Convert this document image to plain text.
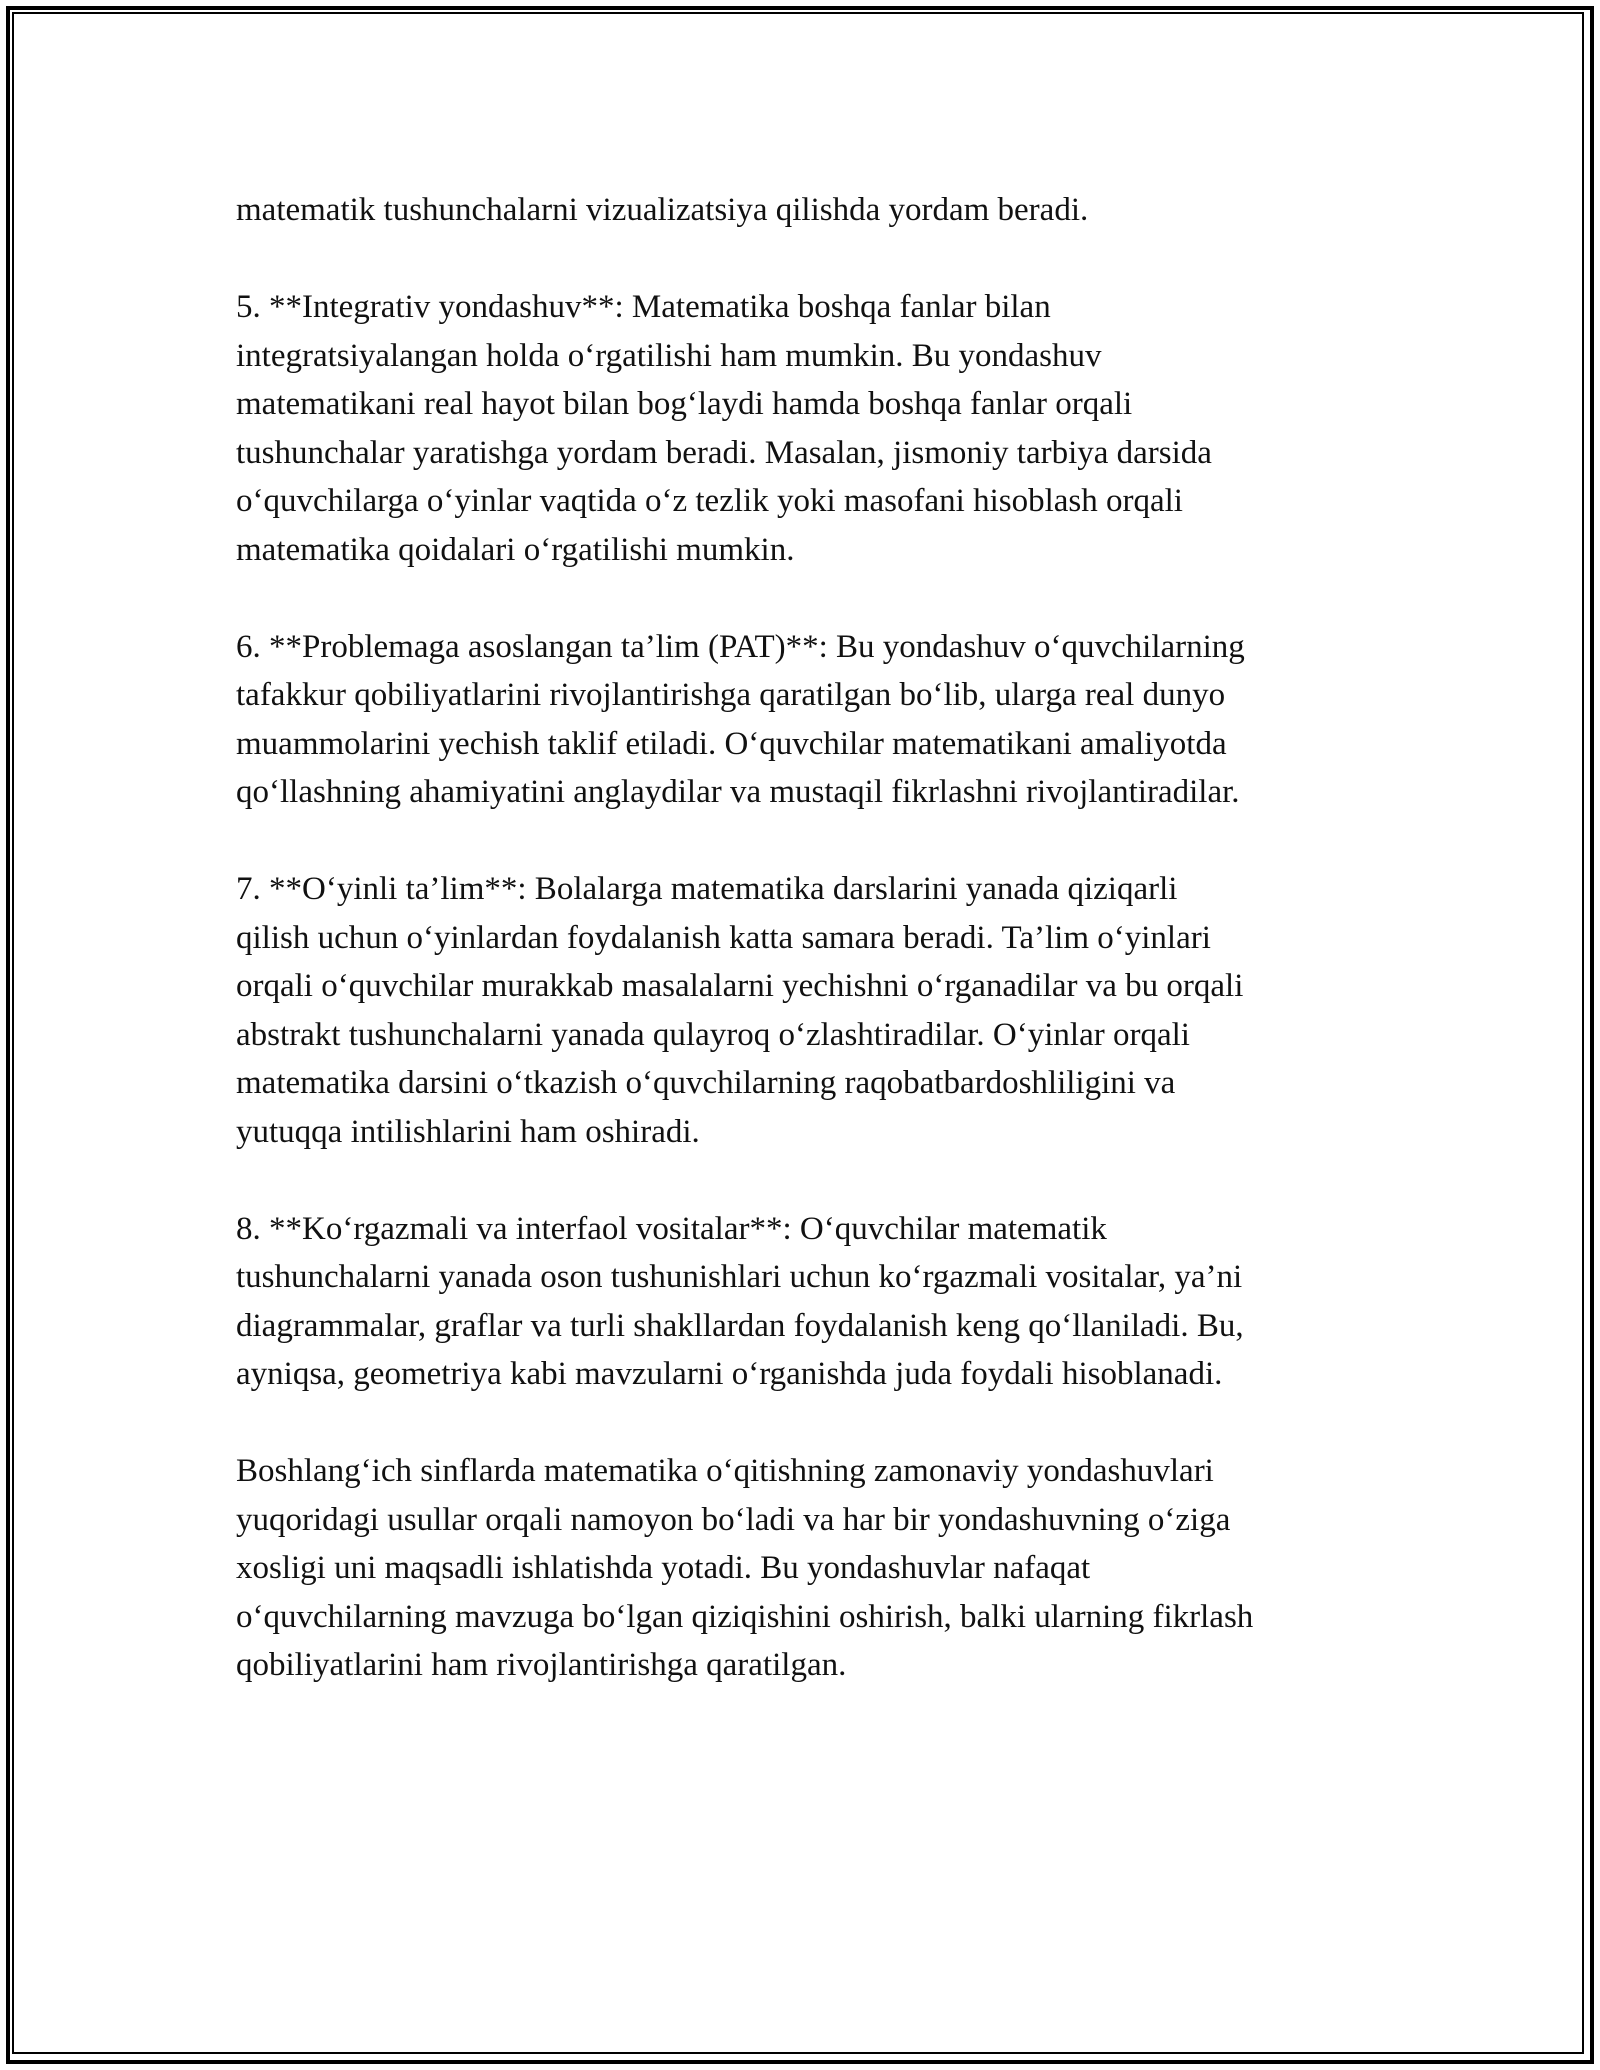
matematik tushunchalarni vizualizatsiya qilishda yordam beradi.

5. **Integrativ yondashuv**: Matematika boshqa fanlar bilan
integratsiyalangan holda oʻrgatilishi ham mumkin. Bu yondashuv
matematikani real hayot bilan bogʻlaydi hamda boshqa fanlar orqali
tushunchalar yaratishga yordam beradi. Masalan, jismoniy tarbiya darsida
oʻquvchilarga oʻyinlar vaqtida oʻz tezlik yoki masofani hisoblash orqali
matematika qoidalari oʻrgatilishi mumkin.

6. **Problemaga asoslangan ta’lim (PAT)**: Bu yondashuv oʻquvchilarning
tafakkur qobiliyatlarini rivojlantirishga qaratilgan boʻlib, ularga real dunyo
muammolarini yechish taklif etiladi. Oʻquvchilar matematikani amaliyotda
qoʻllashning ahamiyatini anglaydilar va mustaqil fikrlashni rivojlantiradilar.

7. **Oʻyinli ta’lim**: Bolalarga matematika darslarini yanada qiziqarli
qilish uchun oʻyinlardan foydalanish katta samara beradi. Ta’lim oʻyinlari
orqali oʻquvchilar murakkab masalalarni yechishni oʻrganadilar va bu orqali
abstrakt tushunchalarni yanada qulayroq oʻzlashtiradilar. Oʻyinlar orqali
matematika darsini oʻtkazish oʻquvchilarning raqobatbardoshliligini va
yutuqqa intilishlarini ham oshiradi.

8. **Koʻrgazmali va interfaol vositalar**: Oʻquvchilar matematik
tushunchalarni yanada oson tushunishlari uchun koʻrgazmali vositalar, ya’ni
diagrammalar, graflar va turli shakllardan foydalanish keng qoʻllaniladi. Bu,
ayniqsa, geometriya kabi mavzularni oʻrganishda juda foydali hisoblanadi.

Boshlangʻich sinflarda matematika oʻqitishning zamonaviy yondashuvlari
yuqoridagi usullar orqali namoyon boʻladi va har bir yondashuvning oʻziga
xosligi uni maqsadli ishlatishda yotadi. Bu yondashuvlar nafaqat
oʻquvchilarning mavzuga boʻlgan qiziqishini oshirish, balki ularning fikrlash
qobiliyatlarini ham rivojlantirishga qaratilgan.
